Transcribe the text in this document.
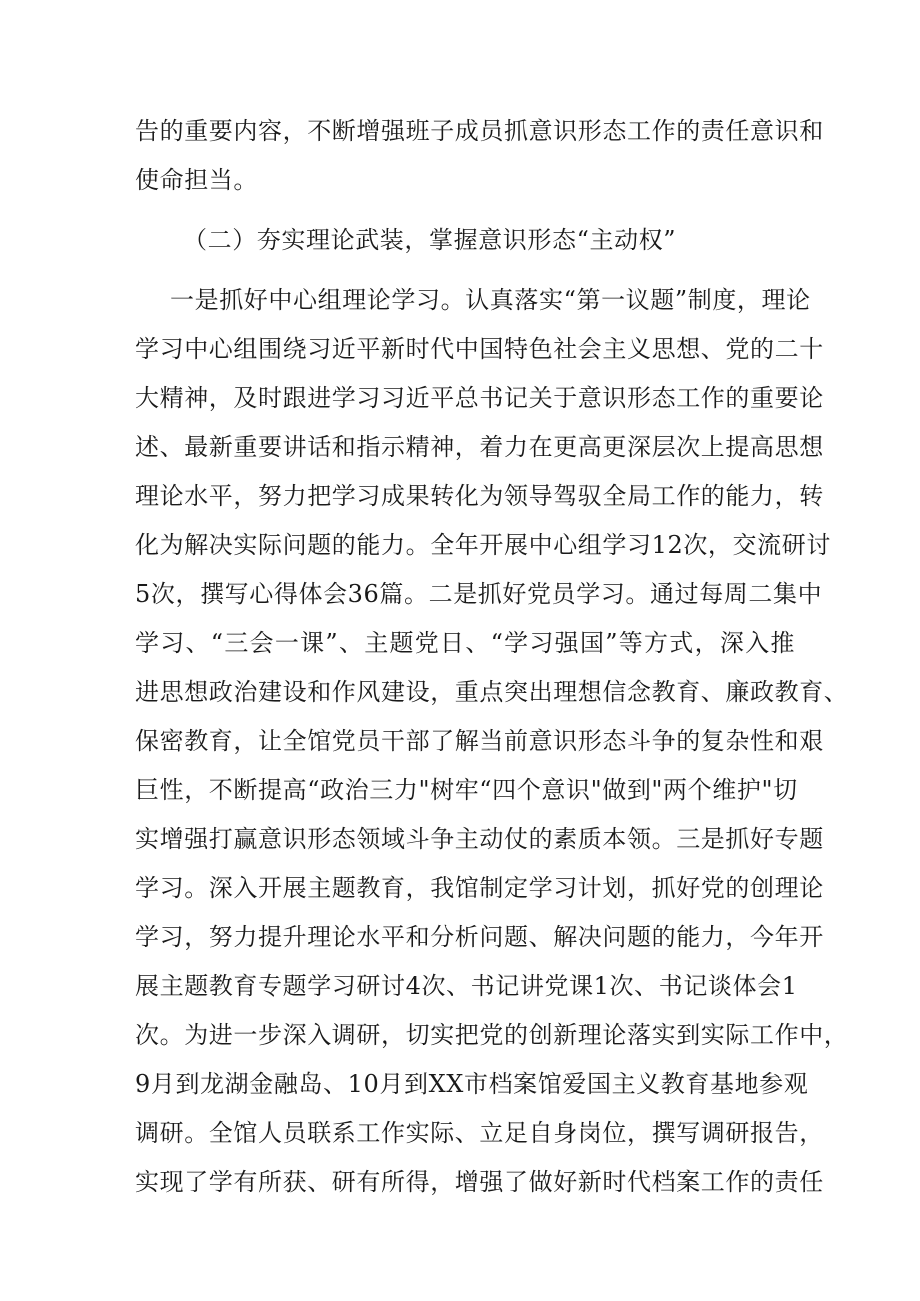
告的重要内容，不断增强班子成员抓意识形态工作的责任意识和
使命担当。
（二）夯实理论武装，掌握意识形态“主动权”
一是抓好中心组理论学习。认真落实“第一议题”制度，理论
学习中心组围绕习近平新时代中国特色社会主义思想、党的二十
大精神，及时跟进学习习近平总书记关于意识形态工作的重要论
述、最新重要讲话和指示精神，着力在更高更深层次上提高思想
理论水平，努力把学习成果转化为领导驾驭全局工作的能力，转
化为解决实际问题的能力。全年开展中心组学习12次，交流研讨
5次，撰写心得体会36篇。二是抓好党员学习。通过每周二集中
学习、“三会一课”、主题党日、“学习强国”等方式，深入推
进思想政治建设和作风建设，重点突出理想信念教育、廉政教育、
保密教育，让全馆党员干部了解当前意识形态斗争的复杂性和艰
巨性，不断提高“政治三力"树牢“四个意识"做到"两个维护"切
实增强打赢意识形态领域斗争主动仗的素质本领。三是抓好专题
学习。深入开展主题教育，我馆制定学习计划，抓好党的创理论
学习，努力提升理论水平和分析问题、解决问题的能力，今年开
展主题教育专题学习研讨4次、书记讲党课1次、书记谈体会1
次。为进一步深入调研，切实把党的创新理论落实到实际工作中，
9月到龙湖金融岛、10月到XX市档案馆爱国主义教育基地参观
调研。全馆人员联系工作实际、立足自身岗位，撰写调研报告，
实现了学有所获、研有所得，增强了做好新时代档案工作的责任
